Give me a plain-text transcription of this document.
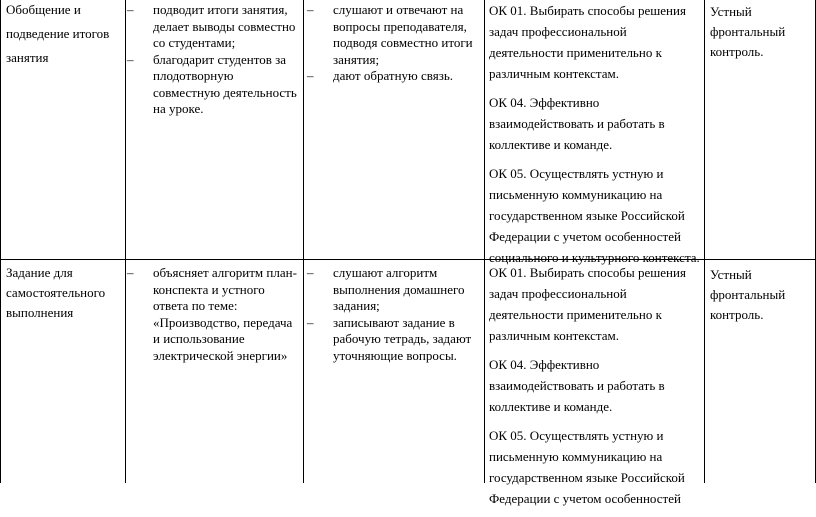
Обобщение и
подведение итогов
занятия
– подводит итоги занятия, делает выводы совместно со студентами;
– благодарит студентов за плодотворную совместную деятельность на уроке.
– слушают и отвечают на вопросы преподавателя, подводя совместно итоги занятия;
– дают обратную связь.

ОК 01. Выбирать способы решения задач профессиональной деятельности применительно к различным контекстам.

ОК 04. Эффективно взаимодействовать и работать в коллективе и команде.

ОК 05. Осуществлять устную и письменную коммуникацию на государственном языке Российской Федерации с учетом особенностей социального и культурного контекста.

Устный фронтальный контроль.
Задание для
самостоятельного
выполнения
– объясняет алгоритм план-конспекта и устного ответа по теме: «Производство, передача и использование электрической энергии»
– слушают алгоритм выполнения домашнего задания;
– записывают задание в рабочую тетрадь, задают уточняющие вопросы.

ОК 01. Выбирать способы решения задач профессиональной деятельности применительно к различным контекстам.

ОК 04. Эффективно взаимодействовать и работать в коллективе и команде.

ОК 05. Осуществлять устную и письменную коммуникацию на государственном языке Российской Федерации с учетом особенностей

Устный фронтальный контроль.
